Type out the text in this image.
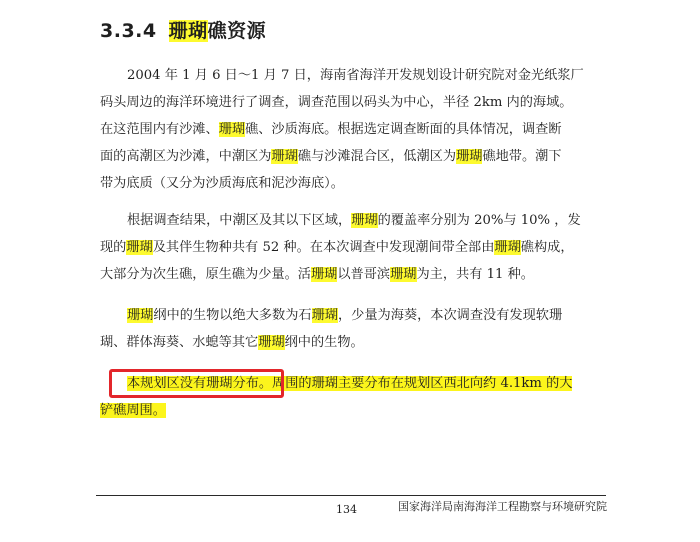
3.3.4 珊瑚礁资源

2004 年 1 月 6 日～1 月 7 日，海南省海洋开发规划设计研究院对金光纸浆厂
码头周边的海洋环境进行了调查，调查范围以码头为中心，半径 2km 内的海域。
在这范围内有沙滩、珊瑚礁、沙质海底。根据选定调查断面的具体情况，调查断
面的高潮区为沙滩，中潮区为珊瑚礁与沙滩混合区，低潮区为珊瑚礁地带。潮下
带为底质（又分为沙质海底和泥沙海底）。

根据调查结果，中潮区及其以下区域，珊瑚的覆盖率分别为 20%与 10% ，发
现的珊瑚及其伴生物种共有 52 种。在本次调查中发现潮间带全部由珊瑚礁构成，
大部分为次生礁，原生礁为少量。活珊瑚以普哥滨珊瑚为主，共有 11 种。

珊瑚纲中的生物以绝大多数为石珊瑚，少量为海葵，本次调查没有发现软珊
瑚、群体海葵、水螅等其它珊瑚纲中的生物。

本规划区没有珊瑚分布。周围的珊瑚主要分布在规划区西北向约 4.1km 的大
铲礁周围。

134	国家海洋局南海海洋工程勘察与环境研究院
